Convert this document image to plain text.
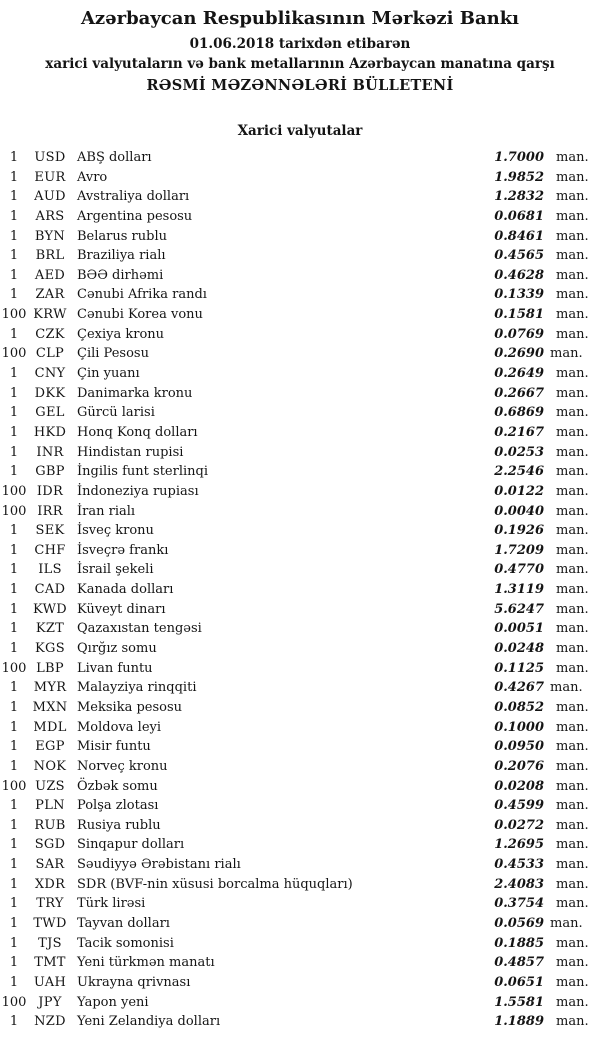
Azərbaycan Respublikasının Mərkəzi Bankı
01.06.2018 tarixdən etibarən
xarici valyutaların və bank metallarının Azərbaycan manatına qarşı
RƏSMİ MƏZƏNNƏLƏRİ BÜLLETENİ
Xarici valyutalar
1	USD ABŞ dolları	1.7000 man.
1	EUR Avro	1.9852 man.
1	AUD Avstraliya dolları	1.2832 man.
1	ARS Argentina pesosu	0.0681 man.
1	BYN Belarus rublu	0.8461 man.
1	BRL Braziliya rialı	0.4565 man.
1	AED BƏƏ dirhəmi	0.4628 man.
1	ZAR Cənubi Afrika randı	0.1339 man.
100 KRW Cənubi Korea vonu	0.1581 man.
1	CZK Çexiya kronu	0.0769 man.
100 CLP Çili Pesosu	0.2690 man.
1	CNY Çin yuanı	0.2649 man.
1	DKK Danimarka kronu	0.2667 man.
1	GEL Gürcü larisi	0.6869 man.
1	HKD Honq Konq dolları	0.2167 man.
1	INR	Hindistan rupisi	0.0253 man.
1	GBP İngilis funt sterlinqi	2.2546 man.
100 IDR	İndoneziya rupiası	0.0122 man.
100 IRR	İran rialı	0.0040 man.
1	SEK İsveç kronu	0.1926 man.
1	CHF İsveçrə frankı	1.7209 man.
1	ILS	İsrail şekeli	0.4770 man.
1	CAD Kanada dolları	1.3119 man.
1	KWD Küveyt dinarı	5.6247 man.
1	KZT Qazaxıstan tengəsi	0.0051 man.
1	KGS Qırğız somu	0.0248 man.
100 LBP	Livan funtu	0.1125 man.
1	MYR Malayziya rinqqiti	0.4267 man.
1	MXN Meksika pesosu	0.0852 man.
1	MDL Moldova leyi	0.1000 man.
1	EGP Misir funtu	0.0950 man.
1	NOK Norveç kronu	0.2076 man.
100 UZS Özbək somu	0.0208 man.
1	PLN Polşa zlotası	0.4599 man.
1	RUB Rusiya rublu	0.0272 man.
1	SGD Sinqapur dolları	1.2695 man.
1	SAR Səudiyyə Ərəbistanı rialı	0.4533 man.
1	XDR SDR (BVF-nin xüsusi borcalma hüquqları)	2.4083 man.
1	TRY	Türk lirəsi	0.3754 man.
1	TWD Tayvan dolları	0.0569 man.
1	TJS	Tacik somonisi	0.1885 man.
1	TMT Yeni türkmən manatı	0.4857 man.
1	UAH Ukrayna qrivnası	0.0651 man.
100 JPY	Yapon yeni	1.5581 man.
1	NZD Yeni Zelandiya dolları	1.1889 man.
